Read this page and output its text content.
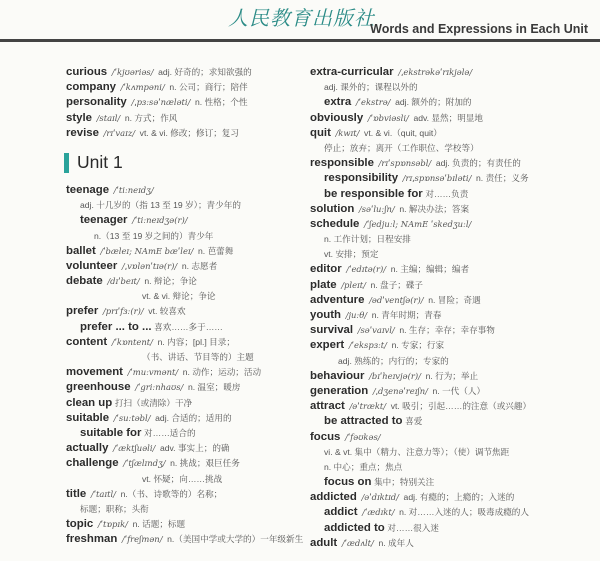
人民教育出版社
Words and Expressions in Each Unit
curious /ˈkjʊəriəs/ adj. 好奇的；求知欲强的
company /ˈkʌmpəni/ n. 公司；商行；陪伴
personality /ˌpɜːsəˈnæləti/ n. 性格；个性
style /staɪl/ n. 方式；作风
revise /rɪˈvaɪz/ vt. & vi. 修改；修订；复习
Unit 1
teenage /ˈtiːneɪdʒ/
adj. 十几岁的（指 13 至 19 岁）；青少年的
teenager /ˈtiːneɪdʒə(r)/
n.（13 至 19 岁之间的）青少年
ballet /ˈbæleɪ; NAmE bæˈleɪ/ n. 芭蕾舞
volunteer /ˌvɒlənˈtɪə(r)/ n. 志愿者
debate /dɪˈbeɪt/ n. 辩论；争论
vt. & vi. 辩论；争论
prefer /prɪˈfɜː(r)/ vt. 较喜欢
prefer ... to ... 喜欢……多于……
content /ˈkɒntent/ n. 内容；[pl.] 目录；
（书、讲话、节目等的）主题
movement /ˈmuːvmənt/ n. 动作；运动；活动
greenhouse /ˈgriːnhaʊs/ n. 温室；暖房
clean up 打扫（或清除）干净
suitable /ˈsuːtəbl/ adj. 合适的；适用的
suitable for 对……适合的
actually /ˈæktʃuəli/ adv. 事实上；的确
challenge /ˈtʃælɪndʒ/ n. 挑战；艰巨任务
vt. 怀疑；向……挑战
title /ˈtaɪtl/ n.（书、诗歌等的）名称；
标题；职称；头衔
topic /ˈtɒpɪk/ n. 话题；标题
freshman /ˈfreʃmən/ n.（美国中学或大学的）一年级新生
extra-curricular /ˌekstrəkəˈrɪkjələ/
adj. 课外的；课程以外的
extra /ˈekstrə/ adj. 额外的；附加的
obviously /ˈɒbviəsli/ adv. 显然；明显地
quit /kwɪt/ vt. & vi.（quit, quit）
停止；放弃；离开（工作职位、学校等）
responsible /rɪˈspɒnsəbl/ adj. 负责的；有责任的
responsibility /rɪˌspɒnsəˈbɪləti/ n. 责任；义务
be responsible for 对……负责
solution /səˈluːʃn/ n. 解决办法；答案
schedule /ˈʃedjuːl; NAmE ˈskedʒuːl/
n. 工作计划；日程安排
vt. 安排；预定
editor /ˈedɪtə(r)/ n. 主编；编辑；编者
plate /pleɪt/ n. 盘子；碟子
adventure /ədˈventʃə(r)/ n. 冒险；奇遇
youth /juːθ/ n. 青年时期；青春
survival /səˈvaɪvl/ n. 生存；幸存；幸存事物
expert /ˈekspɜːt/ n. 专家；行家
adj. 熟练的；内行的；专家的
behaviour /bɪˈheɪvjə(r)/ n. 行为；举止
generation /ˌdʒenəˈreɪʃn/ n. 一代（人）
attract /əˈtrækt/ vt. 吸引；引起……的注意（或兴趣）
be attracted to 喜爱
focus /ˈfəʊkəs/
vi. & vt. 集中（精力、注意力等）；（使）调节焦距
n. 中心；重点；焦点
focus on 集中；特别关注
addicted /əˈdɪktɪd/ adj. 有瘾的；上瘾的；入迷的
addict /ˈædɪkt/ n. 对……入迷的人；吸毒成瘾的人
addicted to 对……很入迷
adult /ˈædʌlt/ n. 成年人
